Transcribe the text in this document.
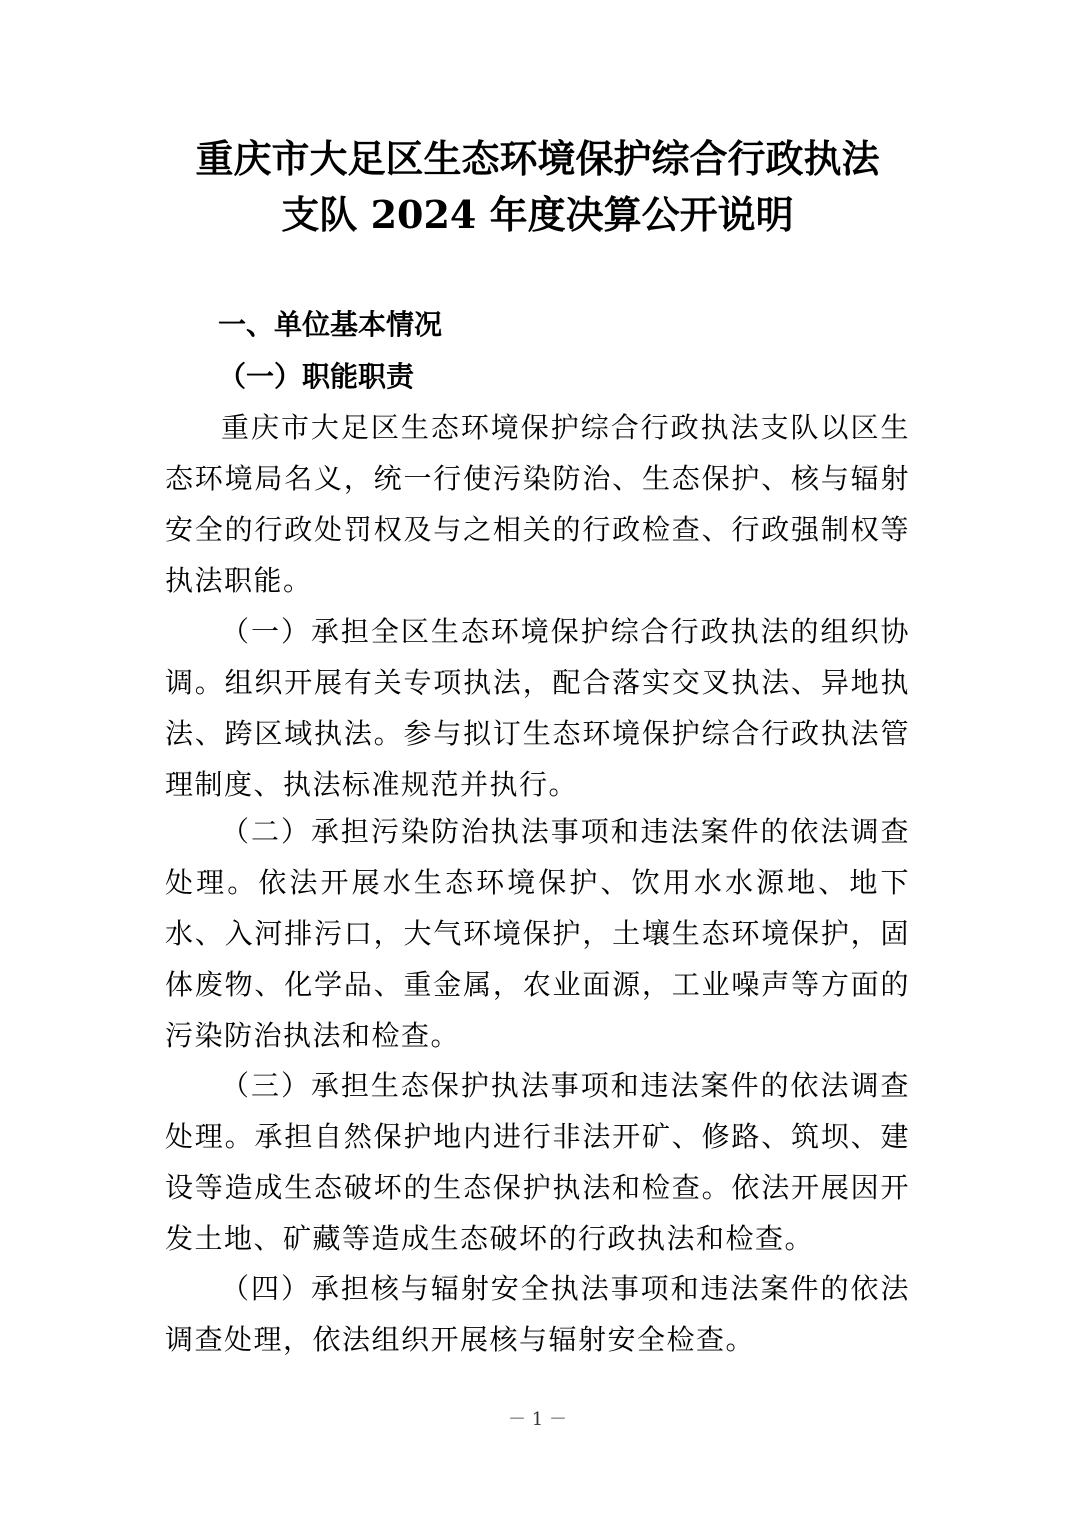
重庆市大足区生态环境保护综合行政执法
支队 2024 年度决算公开说明
一、单位基本情况
（一）职能职责

重庆市大足区生态环境保护综合行政执法支队以区生态环境局名义，统一行使污染防治、生态保护、核与辐射安全的行政处罚权及与之相关的行政检查、行政强制权等执法职能。

（一）承担全区生态环境保护综合行政执法的组织协调。组织开展有关专项执法，配合落实交叉执法、异地执法、跨区域执法。参与拟订生态环境保护综合行政执法管理制度、执法标准规范并执行。

（二）承担污染防治执法事项和违法案件的依法调查处理。依法开展水生态环境保护、饮用水水源地、地下水、入河排污口，大气环境保护，土壤生态环境保护，固体废物、化学品、重金属，农业面源，工业噪声等方面的污染防治执法和检查。

（三）承担生态保护执法事项和违法案件的依法调查处理。承担自然保护地内进行非法开矿、修路、筑坝、建设等造成生态破坏的生态保护执法和检查。依法开展因开发土地、矿藏等造成生态破坏的行政执法和检查。

（四）承担核与辐射安全执法事项和违法案件的依法调查处理，依法组织开展核与辐射安全检查。

－ 1 －
